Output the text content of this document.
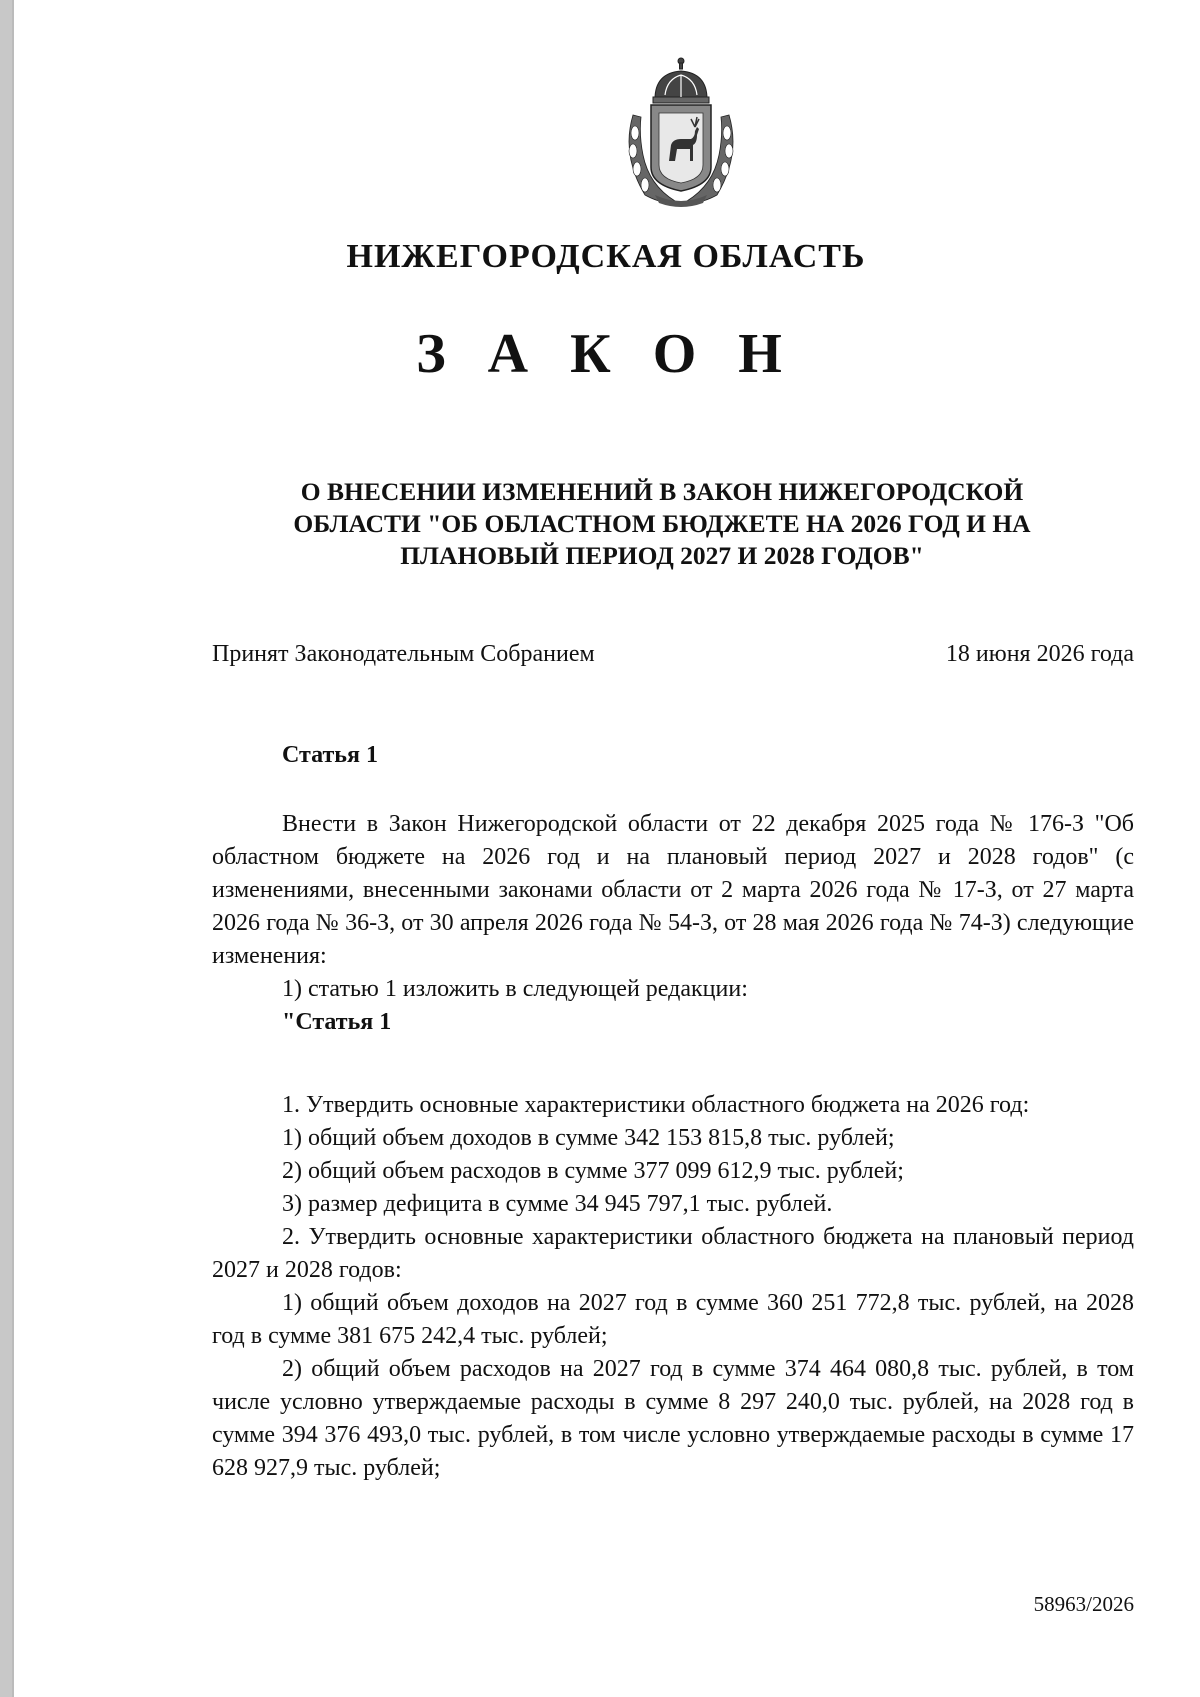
НИЖЕГОРОДСКАЯ ОБЛАСТЬ
З А К О Н
О ВНЕСЕНИИ ИЗМЕНЕНИЙ В ЗАКОН НИЖЕГОРОДСКОЙ
ОБЛАСТИ "ОБ ОБЛАСТНОМ БЮДЖЕТЕ НА 2026 ГОД И НА
ПЛАНОВЫЙ ПЕРИОД 2027 И 2028 ГОДОВ"
Принят Законодательным Собранием	18 июня 2026 года
Статья 1

Внести в Закон Нижегородской области от 22 декабря 2025 года № 176-З "Об областном бюджете на 2026 год и на плановый период 2027 и 2028 годов" (с изменениями, внесенными законами области от 2 марта 2026 года № 17-З, от 27 марта 2026 года № 36-З, от 30 апреля 2026 года № 54-З, от 28 мая 2026 года № 74-З) следующие изменения:

1) статью 1 изложить в следующей редакции:

"Статья 1

1. Утвердить основные характеристики областного бюджета на 2026 год:

1) общий объем доходов в сумме 342 153 815,8 тыс. рублей;

2) общий объем расходов в сумме 377 099 612,9 тыс. рублей;

3) размер дефицита в сумме 34 945 797,1 тыс. рублей.

2. Утвердить основные характеристики областного бюджета на плановый период 2027 и 2028 годов:

1) общий объем доходов на 2027 год в сумме 360 251 772,8 тыс. рублей, на 2028 год в сумме 381 675 242,4 тыс. рублей;

2) общий объем расходов на 2027 год в сумме 374 464 080,8 тыс. рублей, в том числе условно утверждаемые расходы в сумме 8 297 240,0 тыс. рублей, на 2028 год в сумме 394 376 493,0 тыс. рублей, в том числе условно утверждаемые расходы в сумме 17 628 927,9 тыс. рублей;

58963/2026
